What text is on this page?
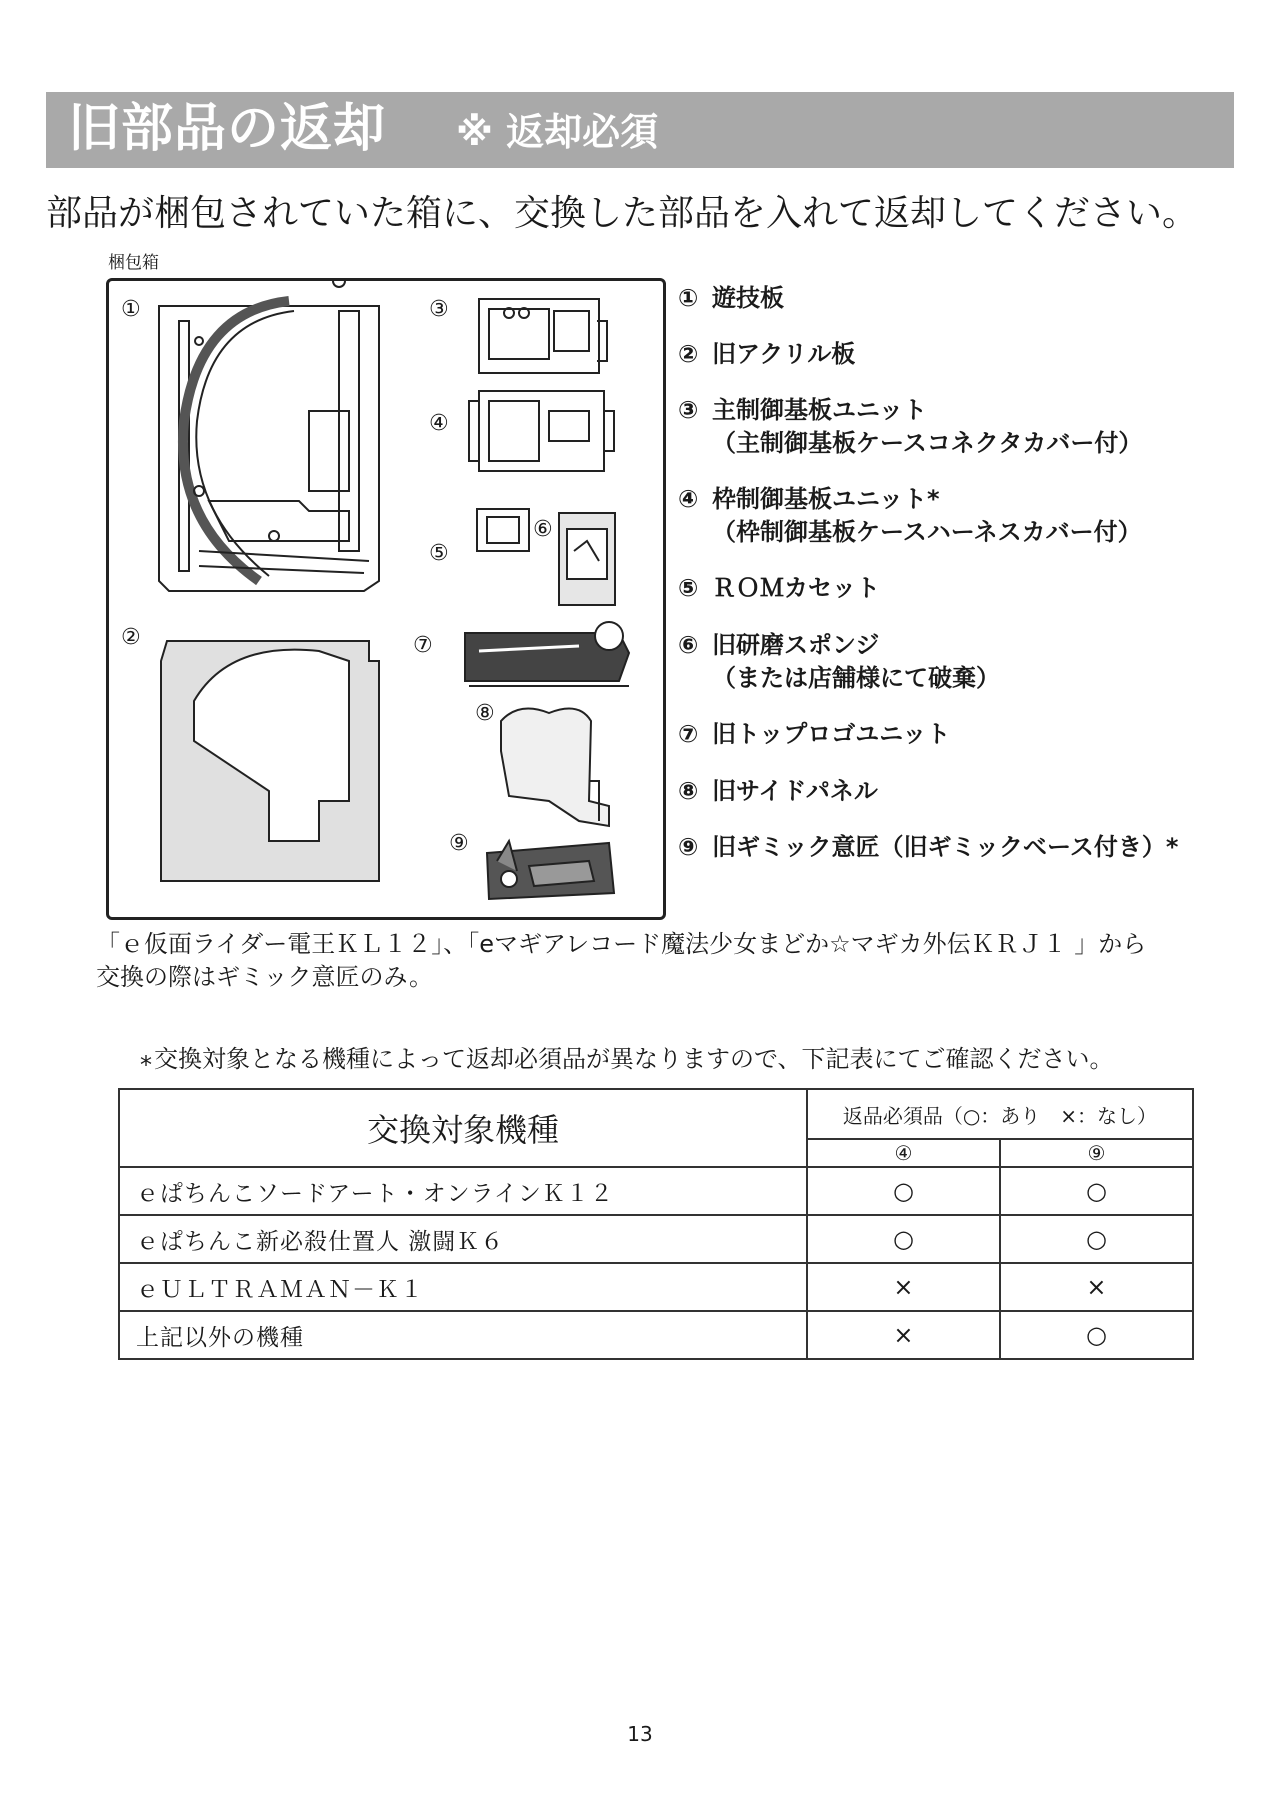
旧部品の返却 ※ 返却必須
部品が梱包されていた箱に、交換した部品を入れて返却してください。
梱包箱
①
②
③
④
⑤
⑥
⑦
⑧
⑨
① 遊技板
② 旧アクリル板
③ 主制御基板ユニット
（主制御基板ケースコネクタカバー付）
④ 枠制御基板ユニット*
（枠制御基板ケースハーネスカバー付）
⑤ ＲＯＭカセット
⑥ 旧研磨スポンジ
（または店舗様にて破棄）
⑦ 旧トップロゴユニット
⑧ 旧サイドパネル
⑨ 旧ギミック意匠（旧ギミックベース付き）*
「ｅ仮面ライダー電王ＫＬ１２」、「eマギアレコード魔法少女まどか☆マギカ外伝ＫＲＪ１ 」から
交換の際はギミック意匠のみ。
*交換対象となる機種によって返却必須品が異なりますので、下記表にてご確認ください。
交換対象機種	返品必須品（○：あり　×：なし）	
	④	⑨
ｅぱちんこソードアート・オンラインＫ１２	○	○
ｅぱちんこ新必殺仕置人 激闘Ｋ６	○	○
ｅＵＬＴＲＡＭＡＮ－Ｋ１	×	×
上記以外の機種	×	○
13
